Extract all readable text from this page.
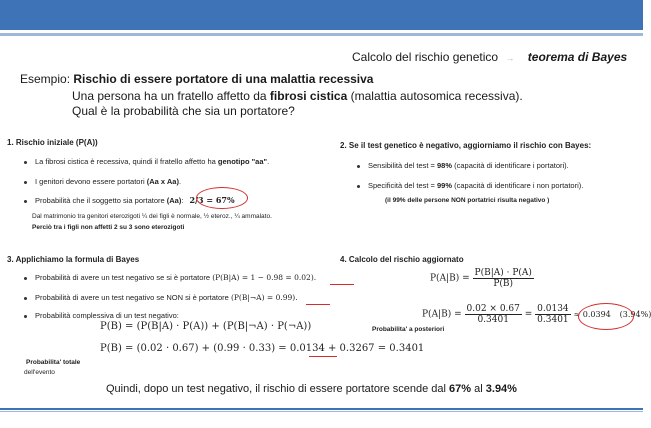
Calcolo del rischio genetico → teorema di Bayes
Esempio: Rischio di essere portatore di una malattia recessiva
Una persona ha un fratello affetto da fibrosi cistica (malattia autosomica recessiva).
Qual è la probabilità che sia un portatore?
1. Rischio iniziale (P(A))
La fibrosi cistica è recessiva, quindi il fratello affetto ha genotipo "aa".
I genitori devono essere portatori (Aa x Aa).
Probabilità che il soggetto sia portatore (Aa): 2/3 = 67%
Dal matrimonio tra genitori eterozigoti ¼ dei figli è normale, ½ eteroz., ¼ ammalato.
Perciò tra i figli non affetti 2 su 3 sono eterozigoti
2. Se il test genetico è negativo, aggiorniamo il rischio con Bayes:
Sensibilità del test = 98% (capacità di identificare i portatori).
Specificità del test = 99% (capacità di identificare i non portatori).
(il 99% delle persone NON portatrici risulta negativo )
3. Applichiamo la formula di Bayes
Probabilità di avere un test negativo se si è portatore (P(B|A) = 1 − 0.98 = 0.02).
Probabilità di avere un test negativo se NON si è portatore (P(B|¬A) = 0.99).
Probabilità complessiva di un test negativo:
P(B) = (P(B|A) · P(A)) + (P(B|¬A) · P(¬A))
P(B) = (0.02 · 0.67) + (0.99 · 0.33) = 0.0134 + 0.3267 = 0.3401
Probabilita' totale
dell'evento
4. Calcolo del rischio aggiornato
$P(A|B) = \frac{P(B|A) \cdot P(A)}{P(B)}$
$P(A|B) = \frac{0.02 \times 0.67}{0.3401} = \frac{0.0134}{0.3401} \approx 0.0394$ (3.94%)
Probabilita' a posteriori
Quindi, dopo un test negativo, il rischio di essere portatore scende dal 67% al 3.94%
